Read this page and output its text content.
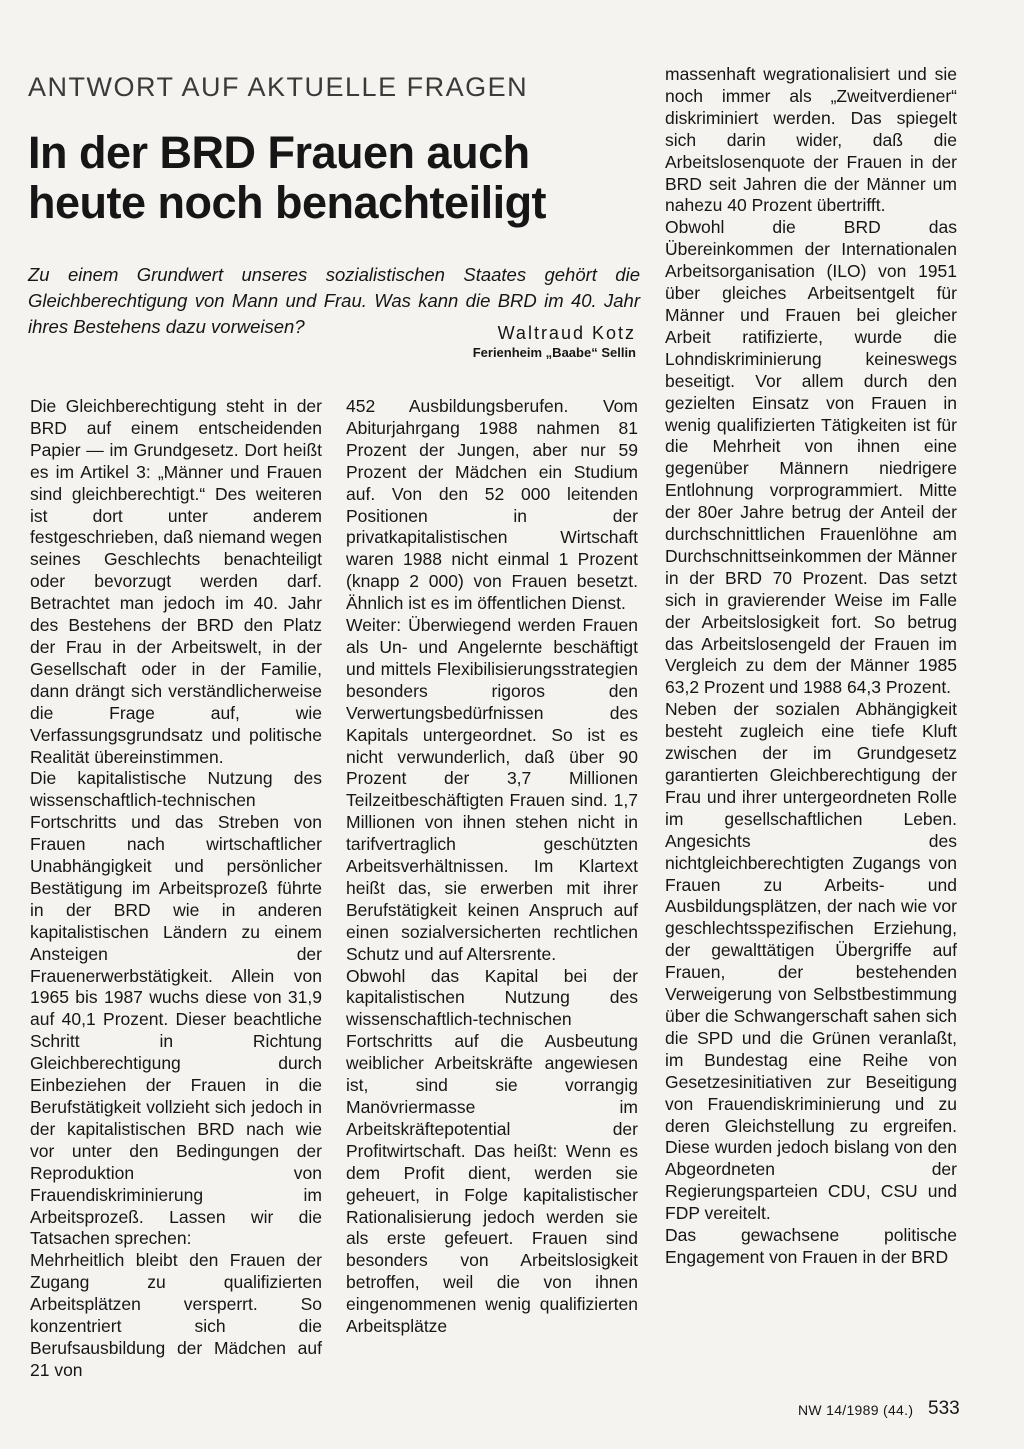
ANTWORT AUF AKTUELLE FRAGEN

In der BRD Frauen auch heute noch benachteiligt

Zu einem Grundwert unseres sozialistischen Staates gehört die Gleichberechtigung von Mann und Frau. Was kann die BRD im 40. Jahr ihres Bestehens dazu vorweisen?	Waltraud Kotz

Ferienheim „Baabe“ Sellin

Die Gleichberechtigung steht in der BRD auf einem entscheidenden Papier — im Grundgesetz. Dort heißt es im Artikel 3: „Männer und Frauen sind gleichberechtigt.“ Des weiteren ist dort unter anderem festgeschrieben, daß niemand wegen seines Geschlechts benachteiligt oder bevorzugt werden darf. Betrachtet man jedoch im 40. Jahr des Bestehens der BRD den Platz der Frau in der Arbeitswelt, in der Gesellschaft oder in der Familie, dann drängt sich verständlicherweise die Frage auf, wie Verfassungsgrundsatz und politische Realität übereinstimmen.

Die kapitalistische Nutzung des wissenschaftlich-technischen Fortschritts und das Streben von Frauen nach wirtschaftlicher Unabhängigkeit und persönlicher Bestätigung im Arbeitsprozeß führte in der BRD wie in anderen kapitalistischen Ländern zu einem Ansteigen der Frauenerwerbstätigkeit. Allein von 1965 bis 1987 wuchs diese von 31,9 auf 40,1 Prozent. Dieser beachtliche Schritt in Richtung Gleichberechtigung durch Einbeziehen der Frauen in die Berufstätigkeit vollzieht sich jedoch in der kapitalistischen BRD nach wie vor unter den Bedingungen der Reproduktion von Frauendiskriminierung im Arbeitsprozeß. Lassen wir die Tatsachen sprechen:

Mehrheitlich bleibt den Frauen der Zugang zu qualifizierten Arbeitsplätzen versperrt. So konzentriert sich die Berufsausbildung der Mädchen auf 21 von

452 Ausbildungsberufen. Vom Abiturjahrgang 1988 nahmen 81 Prozent der Jungen, aber nur 59 Prozent der Mädchen ein Studium auf. Von den 52 000 leitenden Positionen in der privatkapitalistischen Wirtschaft waren 1988 nicht einmal 1 Prozent (knapp 2 000) von Frauen besetzt. Ähnlich ist es im öffentlichen Dienst.

Weiter: Überwiegend werden Frauen als Un- und Angelernte beschäftigt und mittels Flexibilisierungsstrategien besonders rigoros den Verwertungsbedürfnissen des Kapitals untergeordnet. So ist es nicht verwunderlich, daß über 90 Prozent der 3,7 Millionen Teilzeitbeschäftigten Frauen sind. 1,7 Millionen von ihnen stehen nicht in tarifvertraglich geschützten Arbeitsverhältnissen. Im Klartext heißt das, sie erwerben mit ihrer Berufstätigkeit keinen Anspruch auf einen sozialversicherten rechtlichen Schutz und auf Altersrente.

Obwohl das Kapital bei der kapitalistischen Nutzung des wissenschaftlich-technischen Fortschritts auf die Ausbeutung weiblicher Arbeitskräfte angewiesen ist, sind sie vorrangig Manövriermasse im Arbeitskräftepotential der Profitwirtschaft. Das heißt: Wenn es dem Profit dient, werden sie geheuert, in Folge kapitalistischer Rationalisierung jedoch werden sie als erste gefeuert. Frauen sind besonders von Arbeitslosigkeit betroffen, weil die von ihnen eingenommenen wenig qualifizierten Arbeitsplätze

massenhaft wegrationalisiert und sie noch immer als „Zweitverdiener“ diskriminiert werden. Das spiegelt sich darin wider, daß die Arbeitslosenquote der Frauen in der BRD seit Jahren die der Männer um nahezu 40 Prozent übertrifft.

Obwohl die BRD das Übereinkommen der Internationalen Arbeitsorganisation (ILO) von 1951 über gleiches Arbeitsentgelt für Männer und Frauen bei gleicher Arbeit ratifizierte, wurde die Lohndiskriminierung keineswegs beseitigt. Vor allem durch den gezielten Einsatz von Frauen in wenig qualifizierten Tätigkeiten ist für die Mehrheit von ihnen eine gegenüber Männern niedrigere Entlohnung vorprogrammiert. Mitte der 80er Jahre betrug der Anteil der durchschnittlichen Frauenlöhne am Durchschnittseinkommen der Männer in der BRD 70 Prozent. Das setzt sich in gravierender Weise im Falle der Arbeitslosigkeit fort. So betrug das Arbeitslosengeld der Frauen im Vergleich zu dem der Männer 1985 63,2 Prozent und 1988 64,3 Prozent.

Neben der sozialen Abhängigkeit besteht zugleich eine tiefe Kluft zwischen der im Grundgesetz garantierten Gleichberechtigung der Frau und ihrer untergeordneten Rolle im gesellschaftlichen Leben. Angesichts des nichtgleichberechtigten Zugangs von Frauen zu Arbeits- und Ausbildungsplätzen, der nach wie vor geschlechtsspezifischen Erziehung, der gewalttätigen Übergriffe auf Frauen, der bestehenden Verweigerung von Selbstbestimmung über die Schwangerschaft sahen sich die SPD und die Grünen veranlaßt, im Bundestag eine Reihe von Gesetzesinitiativen zur Beseitigung von Frauendiskriminierung und zu deren Gleichstellung zu ergreifen. Diese wurden jedoch bislang von den Abgeordneten der Regierungsparteien CDU, CSU und FDP vereitelt.

Das gewachsene politische Engagement von Frauen in der BRD

NW 14/1989 (44.) 533
